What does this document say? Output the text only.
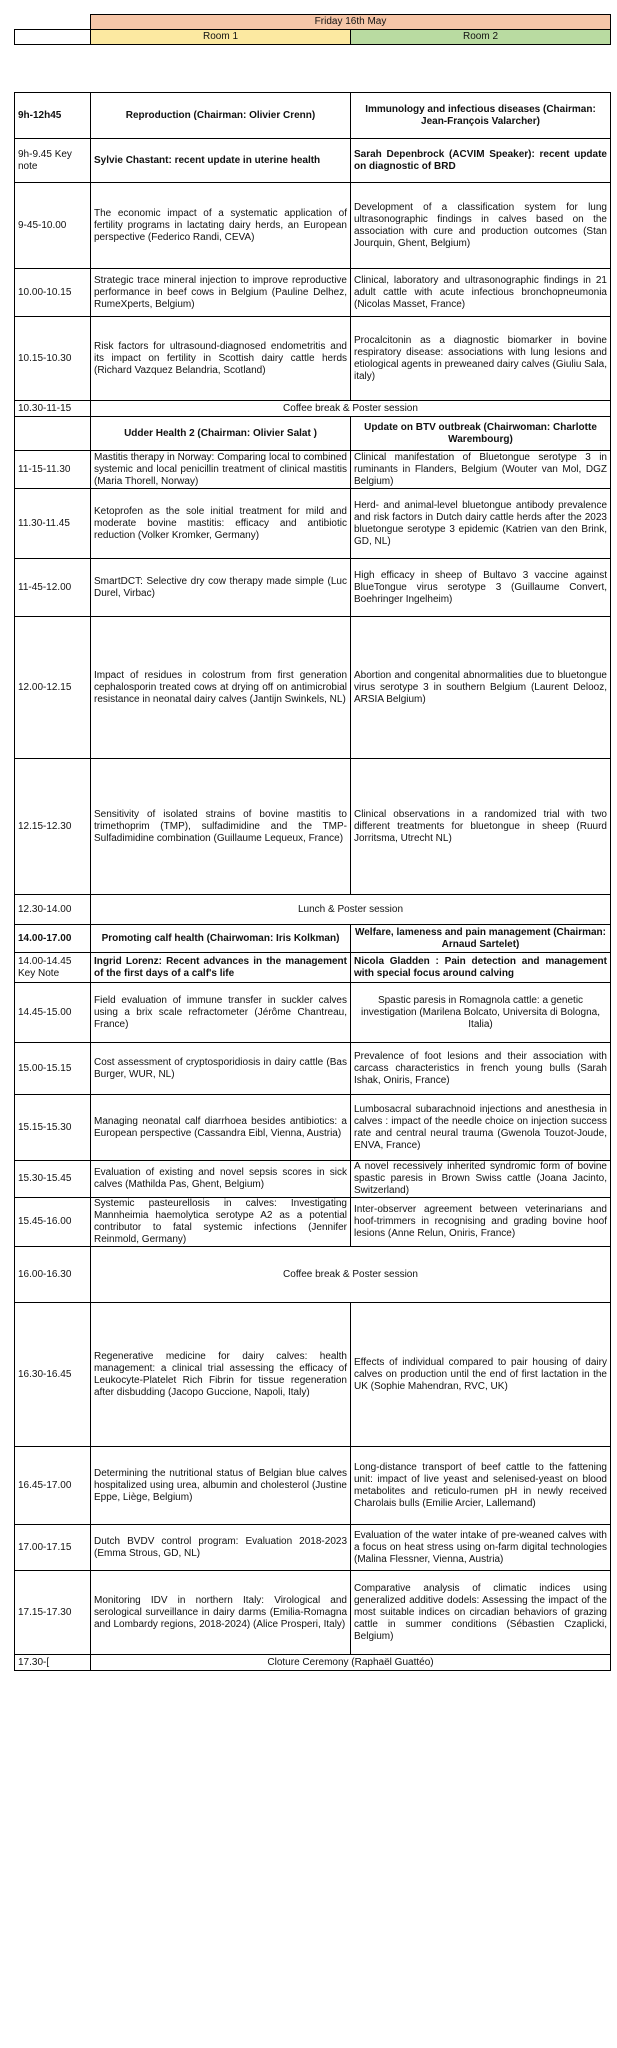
	Friday 16th May	
	Room 1	Room 2
9h-12h45	Reproduction (Chairman: Olivier Crenn)	Immunology and infectious diseases (Chairman: Jean-François Valarcher)
9h-9.45 Key note	Sylvie Chastant: recent update in uterine health	Sarah Depenbrock (ACVIM Speaker): recent update on diagnostic of BRD
9-45-10.00	The economic impact of a systematic application of fertility programs in lactating dairy herds, an European perspective (Federico Randi, CEVA)	Development of a classification system for lung ultrasonographic findings in calves based on the association with cure and production outcomes (Stan Jourquin, Ghent, Belgium)
10.00-10.15	Strategic trace mineral injection to improve reproductive performance in beef cows in Belgium (Pauline Delhez, RumeXperts, Belgium)	Clinical, laboratory and ultrasonographic findings in 21 adult cattle with acute infectious bronchopneumonia (Nicolas Masset, France)
10.15-10.30	Risk factors for ultrasound-diagnosed endometritis and its impact on fertility in Scottish dairy cattle herds (Richard Vazquez Belandria, Scotland)	Procalcitonin as a diagnostic biomarker in bovine respiratory disease: associations with lung lesions and etiological agents in preweaned dairy calves (Giuliu Sala, italy)
10.30-11-15	Coffee break & Poster session	
	Udder Health 2 (Chairman: Olivier Salat )	Update on BTV outbreak (Chairwoman: Charlotte Warembourg)
11-15-11.30	Mastitis therapy in Norway: Comparing local to combined systemic and local penicillin treatment of clinical mastitis (Maria Thorell, Norway)	Clinical manifestation of Bluetongue serotype 3 in ruminants in Flanders, Belgium (Wouter van Mol, DGZ Belgium)
11.30-11.45	Ketoprofen as the sole initial treatment for mild and moderate bovine mastitis: efficacy and antibiotic reduction (Volker Kromker, Germany)	Herd- and animal-level bluetongue antibody prevalence and risk factors in Dutch dairy cattle herds after the 2023 bluetongue serotype 3 epidemic (Katrien van den Brink, GD, NL)
11-45-12.00	SmartDCT: Selective dry cow therapy made simple (Luc Durel, Virbac)	High efficacy in sheep of Bultavo 3 vaccine against BlueTongue virus serotype 3 (Guillaume Convert, Boehringer Ingelheim)
12.00-12.15	Impact of residues in colostrum from first generation cephalosporin treated cows at drying off on antimicrobial resistance in neonatal dairy calves (Jantijn Swinkels, NL)	Abortion and congenital abnormalities due to bluetongue virus serotype 3 in southern Belgium (Laurent Delooz, ARSIA Belgium)
12.15-12.30	Sensitivity of isolated strains of bovine mastitis to trimethoprim (TMP), sulfadimidine and the TMP-Sulfadimidine combination (Guillaume Lequeux, France)	Clinical observations in a randomized trial with two different treatments for bluetongue in sheep (Ruurd Jorritsma, Utrecht NL)
12.30-14.00	Lunch & Poster session	
14.00-17.00	Promoting calf health (Chairwoman: Iris Kolkman)	Welfare, lameness and pain management (Chairman: Arnaud Sartelet)
14.00-14.45 Key Note	Ingrid Lorenz: Recent advances in the management of the first days of a calf's life	Nicola Gladden : Pain detection and management with special focus around calving
14.45-15.00	Field evaluation of immune transfer in suckler calves using a brix scale refractometer (Jérôme Chantreau, France)	Spastic paresis in Romagnola cattle: a genetic investigation (Marilena Bolcato, Universita di Bologna, Italia)
15.00-15.15	Cost assessment of cryptosporidiosis in dairy cattle (Bas Burger, WUR, NL)	Prevalence of foot lesions and their association with carcass characteristics in french young bulls (Sarah Ishak, Oniris, France)
15.15-15.30	Managing neonatal calf diarrhoea besides antibiotics: a European perspective (Cassandra Eibl, Vienna, Austria)	Lumbosacral subarachnoid injections and anesthesia in calves : impact of the needle choice on injection success rate and central neural trauma (Gwenola Touzot-Joude, ENVA, France)
15.30-15.45	Evaluation of existing and novel sepsis scores in sick calves (Mathilda Pas, Ghent, Belgium)	A novel recessively inherited syndromic form of bovine spastic paresis in Brown Swiss cattle (Joana Jacinto, Switzerland)
15.45-16.00	Systemic pasteurellosis in calves: Investigating Mannheimia haemolytica serotype A2 as a potential contributor to fatal systemic infections (Jennifer Reinmold, Germany)	Inter-observer agreement between veterinarians and hoof-trimmers in recognising and grading bovine hoof lesions (Anne Relun, Oniris, France)
16.00-16.30	Coffee break & Poster session	
16.30-16.45	Regenerative medicine for dairy calves: health management: a clinical trial assessing the efficacy of Leukocyte-Platelet Rich Fibrin for tissue regeneration after disbudding (Jacopo Guccione, Napoli, Italy)	Effects of individual compared to pair housing of dairy calves on production until the end of first lactation in the UK (Sophie Mahendran, RVC, UK)
16.45-17.00	Determining the nutritional status of Belgian blue calves hospitalized using urea, albumin and cholesterol (Justine Eppe, Liège, Belgium)	Long-distance transport of beef cattle to the fattening unit: impact of live yeast and selenised-yeast on blood metabolites and reticulo-rumen pH in newly received Charolais bulls (Emilie Arcier, Lallemand)
17.00-17.15	Dutch BVDV control program: Evaluation 2018-2023 (Emma Strous, GD, NL)	Evaluation of the water intake of pre-weaned calves with a focus on heat stress using on-farm digital technologies (Malina Flessner, Vienna, Austria)
17.15-17.30	Monitoring IDV in northern Italy: Virological and serological surveillance in dairy darms (Emilia-Romagna and Lombardy regions, 2018-2024) (Alice Prosperi, Italy)	Comparative analysis of climatic indices using generalized additive dodels: Assessing the impact of the most suitable indices on circadian behaviors of grazing cattle in summer conditions (Sébastien Czaplicki, Belgium)
17.30-[	Cloture Ceremony (Raphaël Guattéo)	
